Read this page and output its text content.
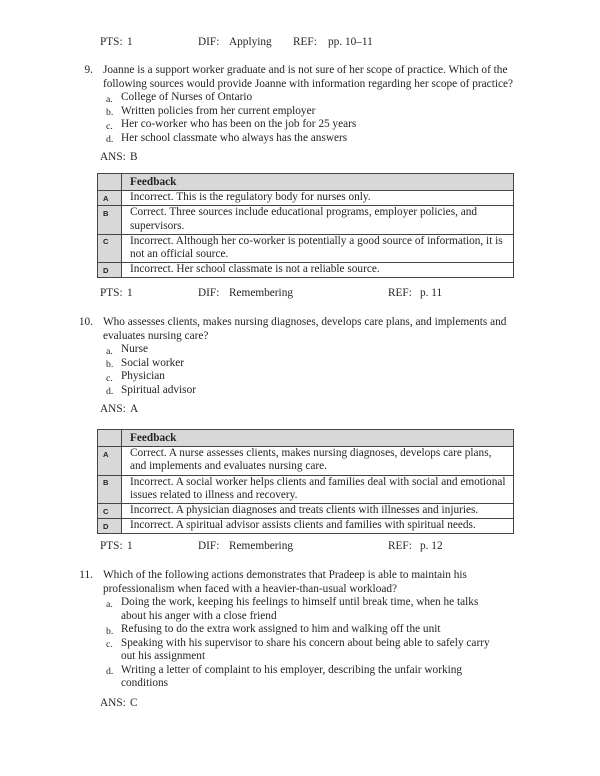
PTS: 1	DIF: Applying REF: pp. 10–11
9. Joanne is a support worker graduate and is not sure of her scope of practice. Which of the following sources would provide Joanne with information regarding her scope of practice?
a. College of Nurses of Ontario
b. Written policies from her current employer
c. Her co-worker who has been on the job for 25 years
d. Her school classmate who always has the answers
ANS: B
	Feedback
A	Incorrect. This is the regulatory body for nurses only.
B	Correct. Three sources include educational programs, employer policies, and supervisors.
C	Incorrect. Although her co-worker is potentially a good source of information, it is not an official source.
D	Incorrect. Her school classmate is not a reliable source.
PTS: 1	DIF: Remembering	REF: p. 11
10. Who assesses clients, makes nursing diagnoses, develops care plans, and implements and evaluates nursing care?
a. Nurse
b. Social worker
c. Physician
d. Spiritual advisor
ANS: A
	Feedback
A	Correct. A nurse assesses clients, makes nursing diagnoses, develops care plans, and implements and evaluates nursing care.
B	Incorrect. A social worker helps clients and families deal with social and emotional issues related to illness and recovery.
C	Incorrect. A physician diagnoses and treats clients with illnesses and injuries.
D	Incorrect. A spiritual advisor assists clients and families with spiritual needs.
PTS: 1	DIF: Remembering	REF: p. 12
11. Which of the following actions demonstrates that Pradeep is able to maintain his professionalism when faced with a heavier-than-usual workload?
a. Doing the work, keeping his feelings to himself until break time, when he talks about his anger with a close friend
b. Refusing to do the extra work assigned to him and walking off the unit
c. Speaking with his supervisor to share his concern about being able to safely carry out his assignment
d. Writing a letter of complaint to his employer, describing the unfair working conditions
ANS: C
